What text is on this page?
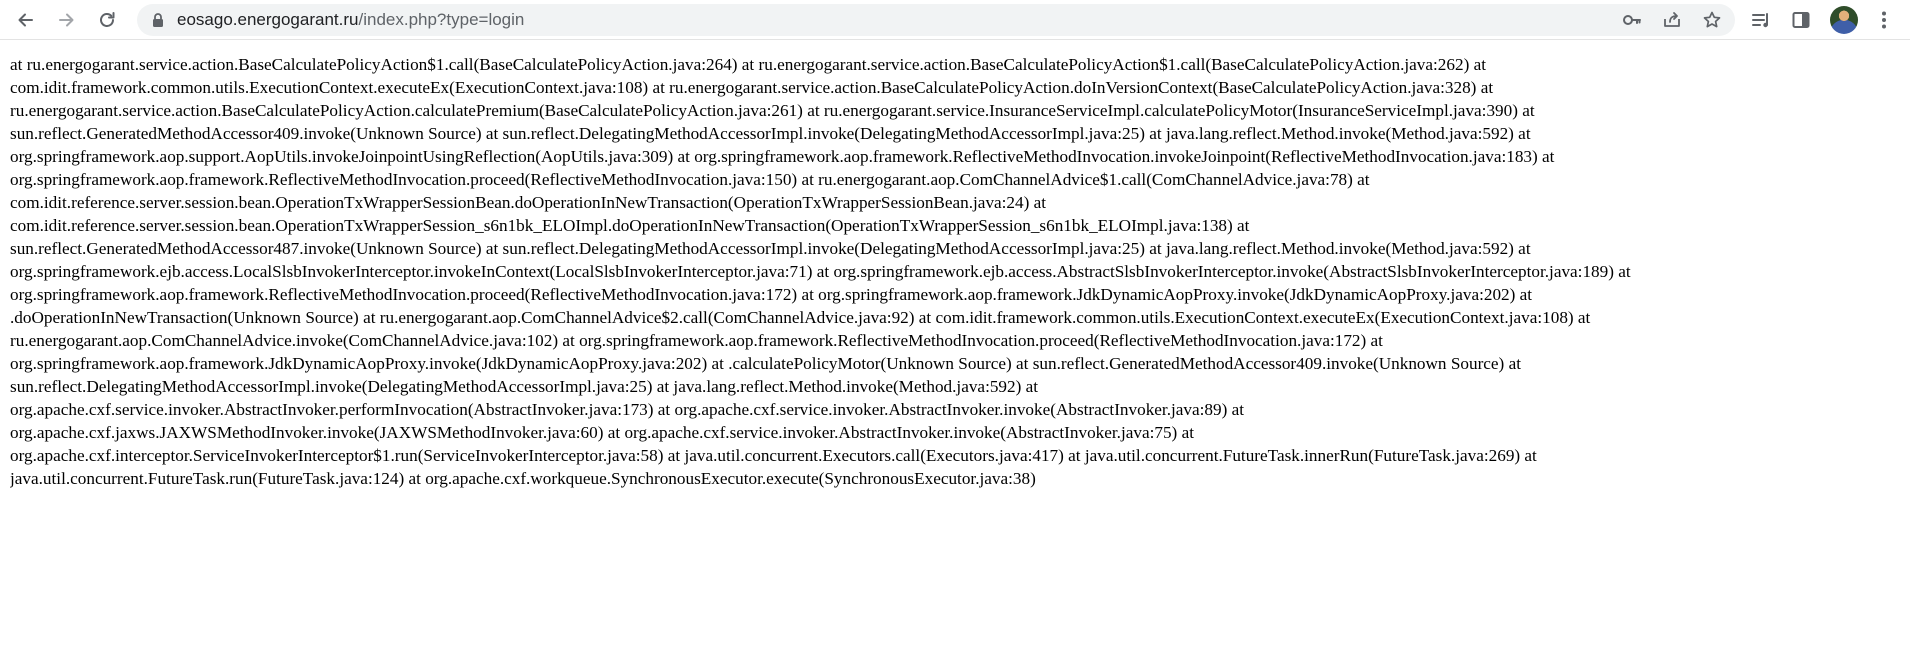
eosago.energogarant.ru/index.php?type=login
at ru.energogarant.service.action.BaseCalculatePolicyAction$1.call(BaseCalculatePolicyAction.java:264) at ru.energogarant.service.action.BaseCalculatePolicyAction$1.call(BaseCalculatePolicyAction.java:262) at
com.idit.framework.common.utils.ExecutionContext.executeEx(ExecutionContext.java:108) at ru.energogarant.service.action.BaseCalculatePolicyAction.doInVersionContext(BaseCalculatePolicyAction.java:328) at
ru.energogarant.service.action.BaseCalculatePolicyAction.calculatePremium(BaseCalculatePolicyAction.java:261) at ru.energogarant.service.InsuranceServiceImpl.calculatePolicyMotor(InsuranceServiceImpl.java:390) at
sun.reflect.GeneratedMethodAccessor409.invoke(Unknown Source) at sun.reflect.DelegatingMethodAccessorImpl.invoke(DelegatingMethodAccessorImpl.java:25) at java.lang.reflect.Method.invoke(Method.java:592) at
org.springframework.aop.support.AopUtils.invokeJoinpointUsingReflection(AopUtils.java:309) at org.springframework.aop.framework.ReflectiveMethodInvocation.invokeJoinpoint(ReflectiveMethodInvocation.java:183) at
org.springframework.aop.framework.ReflectiveMethodInvocation.proceed(ReflectiveMethodInvocation.java:150) at ru.energogarant.aop.ComChannelAdvice$1.call(ComChannelAdvice.java:78) at
com.idit.reference.server.session.bean.OperationTxWrapperSessionBean.doOperationInNewTransaction(OperationTxWrapperSessionBean.java:24) at
com.idit.reference.server.session.bean.OperationTxWrapperSession_s6n1bk_ELOImpl.doOperationInNewTransaction(OperationTxWrapperSession_s6n1bk_ELOImpl.java:138) at
sun.reflect.GeneratedMethodAccessor487.invoke(Unknown Source) at sun.reflect.DelegatingMethodAccessorImpl.invoke(DelegatingMethodAccessorImpl.java:25) at java.lang.reflect.Method.invoke(Method.java:592) at
org.springframework.ejb.access.LocalSlsbInvokerInterceptor.invokeInContext(LocalSlsbInvokerInterceptor.java:71) at org.springframework.ejb.access.AbstractSlsbInvokerInterceptor.invoke(AbstractSlsbInvokerInterceptor.java:189) at
org.springframework.aop.framework.ReflectiveMethodInvocation.proceed(ReflectiveMethodInvocation.java:172) at org.springframework.aop.framework.JdkDynamicAopProxy.invoke(JdkDynamicAopProxy.java:202) at
.doOperationInNewTransaction(Unknown Source) at ru.energogarant.aop.ComChannelAdvice$2.call(ComChannelAdvice.java:92) at com.idit.framework.common.utils.ExecutionContext.executeEx(ExecutionContext.java:108) at
ru.energogarant.aop.ComChannelAdvice.invoke(ComChannelAdvice.java:102) at org.springframework.aop.framework.ReflectiveMethodInvocation.proceed(ReflectiveMethodInvocation.java:172) at
org.springframework.aop.framework.JdkDynamicAopProxy.invoke(JdkDynamicAopProxy.java:202) at .calculatePolicyMotor(Unknown Source) at sun.reflect.GeneratedMethodAccessor409.invoke(Unknown Source) at
sun.reflect.DelegatingMethodAccessorImpl.invoke(DelegatingMethodAccessorImpl.java:25) at java.lang.reflect.Method.invoke(Method.java:592) at
org.apache.cxf.service.invoker.AbstractInvoker.performInvocation(AbstractInvoker.java:173) at org.apache.cxf.service.invoker.AbstractInvoker.invoke(AbstractInvoker.java:89) at
org.apache.cxf.jaxws.JAXWSMethodInvoker.invoke(JAXWSMethodInvoker.java:60) at org.apache.cxf.service.invoker.AbstractInvoker.invoke(AbstractInvoker.java:75) at
org.apache.cxf.interceptor.ServiceInvokerInterceptor$1.run(ServiceInvokerInterceptor.java:58) at java.util.concurrent.Executors.call(Executors.java:417) at java.util.concurrent.FutureTask.innerRun(FutureTask.java:269) at
java.util.concurrent.FutureTask.run(FutureTask.java:124) at org.apache.cxf.workqueue.SynchronousExecutor.execute(SynchronousExecutor.java:38)
